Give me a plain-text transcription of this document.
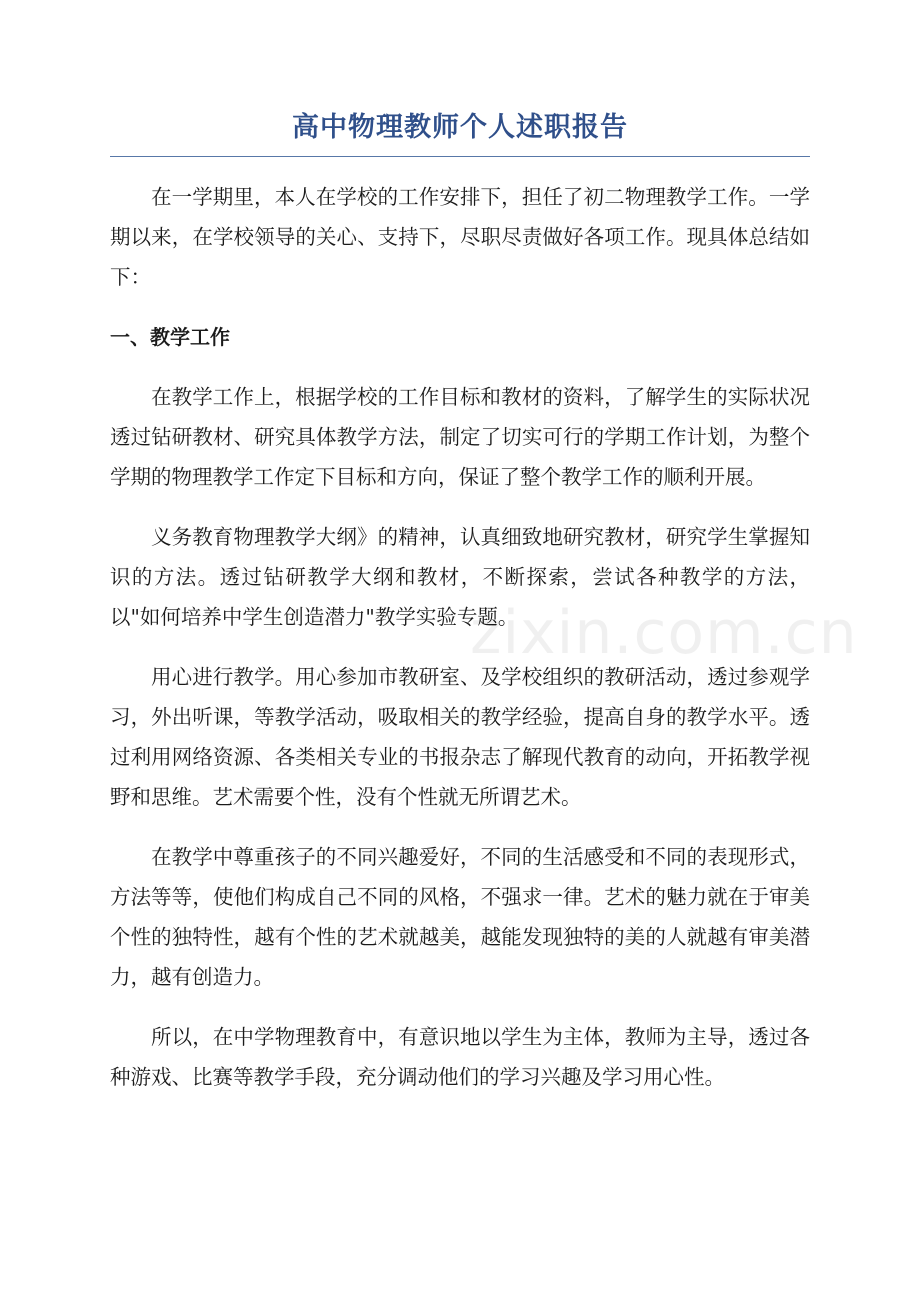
高中物理教师个人述职报告

在一学期里，本人在学校的工作安排下，担任了初二物理教学工作。一学期以来，在学校领导的关心、支持下，尽职尽责做好各项工作。现具体总结如下：

一、教学工作

在教学工作上，根据学校的工作目标和教材的资料，了解学生的实际状况透过钻研教材、研究具体教学方法，制定了切实可行的学期工作计划，为整个学期的物理教学工作定下目标和方向，保证了整个教学工作的顺利开展。

义务教育物理教学大纲》的精神，认真细致地研究教材，研究学生掌握知识的方法。透过钻研教学大纲和教材，不断探索，尝试各种教学的方法，以"如何培养中学生创造潜力"教学实验专题。

用心进行教学。用心参加市教研室、及学校组织的教研活动，透过参观学习，外出听课，等教学活动，吸取相关的教学经验，提高自身的教学水平。透过利用网络资源、各类相关专业的书报杂志了解现代教育的动向，开拓教学视野和思维。艺术需要个性，没有个性就无所谓艺术。

在教学中尊重孩子的不同兴趣爱好，不同的生活感受和不同的表现形式，方法等等，使他们构成自己不同的风格，不强求一律。艺术的魅力就在于审美个性的独特性，越有个性的艺术就越美，越能发现独特的美的人就越有审美潜力，越有创造力。

所以，在中学物理教育中，有意识地以学生为主体，教师为主导，透过各种游戏、比赛等教学手段，充分调动他们的学习兴趣及学习用心性。

zixin.com.cn
